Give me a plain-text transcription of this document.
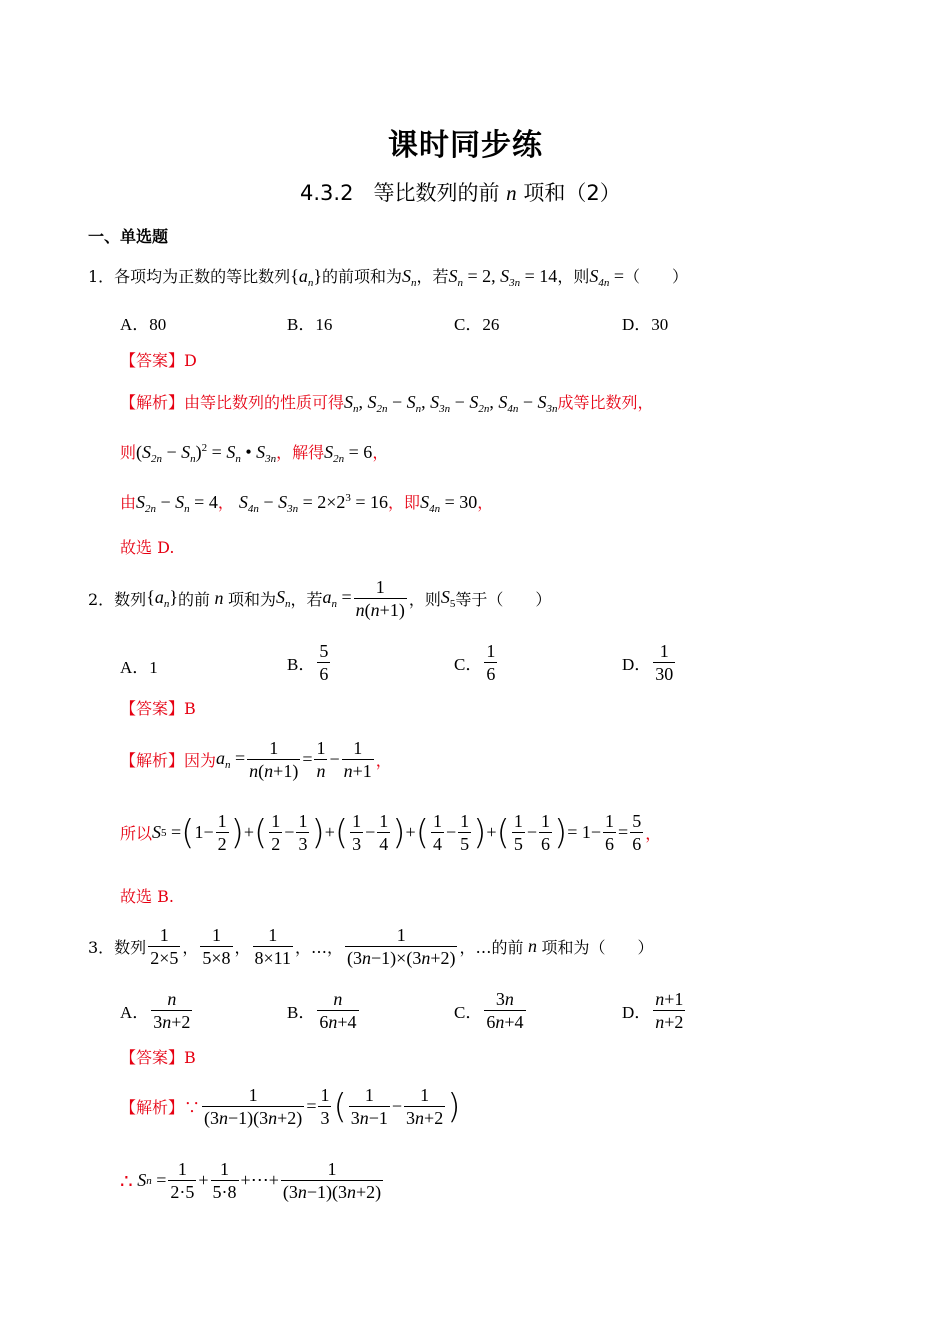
课时同步练
4.3.2 等比数列的前 n 项和（2）
一、单选题
1．各项均为正数的等比数列$\{a_n\}$的前项和为$S_n$，若$S_n = 2$, $S_{3n} = 14$，则$S_{4n}$ =（　　）
A．80	B．16	C．26	D．30
【答案】D
【解析】由等比数列的性质可得$S_n$, $S_{2n} - S_n$, $S_{3n} - S_{2n}$, $S_{4n} - S_{3n}$成等比数列，
则$(S_{2n} - S_n)^2 = S_n$ • $S_{3n}$，解得$S_{2n} = 6$，
由$S_{2n} - S_n = 4$， $S_{4n} - S_{3n} = 2\times 2^3 = 16$，即$S_{4n} = 30$，
故选 D.
2．数列 $\{a_n\}$ 的前 n 项和为 $S_n$ ，若 $a_n = \frac{1}{n(n+1)}$ ，则 $S_5$ 等于（　　）
A．1	B． $\frac{5}{6}$	C． $\frac{1}{6}$	D． $\frac{1}{30}$
【答案】B
【解析】因为 $a_n = \frac{1}{n(n+1)} = \frac{1}{n} - \frac{1}{n+1}$ ，
所以 S 5 = ( $1- \frac{1}{2}$ ) + ( $\frac{1}{2} - \frac{1}{3}$ ) + ( $\frac{1}{3} - \frac{1}{4}$ ) + ( $\frac{1}{4} - \frac{1}{5}$ ) + ( $\frac{1}{5} - \frac{1}{6}$ ) = $1- \frac{1}{6} = \frac{5}{6}$ ，
故选 B.
3．数列 $\frac{1}{2\times 5}$ ， $\frac{1}{5\times 8}$ ， $\frac{1}{8\times 11}$ ，…， $\frac{1}{(3n-1)\times(3n+2)}$ ，…的前 n 项和为（　　）
A． $\frac{n}{3n+2}$	B． $\frac{n}{6n+4}$	C． $\frac{3n}{6n+4}$	D． $\frac{n+1}{n+2}$
【答案】B
【解析】∵ $\frac{1}{(3n-1)(3n+2)} = \frac{1}{3}$ ( $\frac{1}{3n-1} - \frac{1}{3n+2}$ )
∴
S $n = \frac{1}{2\cdot 5} + \frac{1}{5\cdot 8}$ +⋯+ $\frac{1}{(3n-1)(3n+2)}$
